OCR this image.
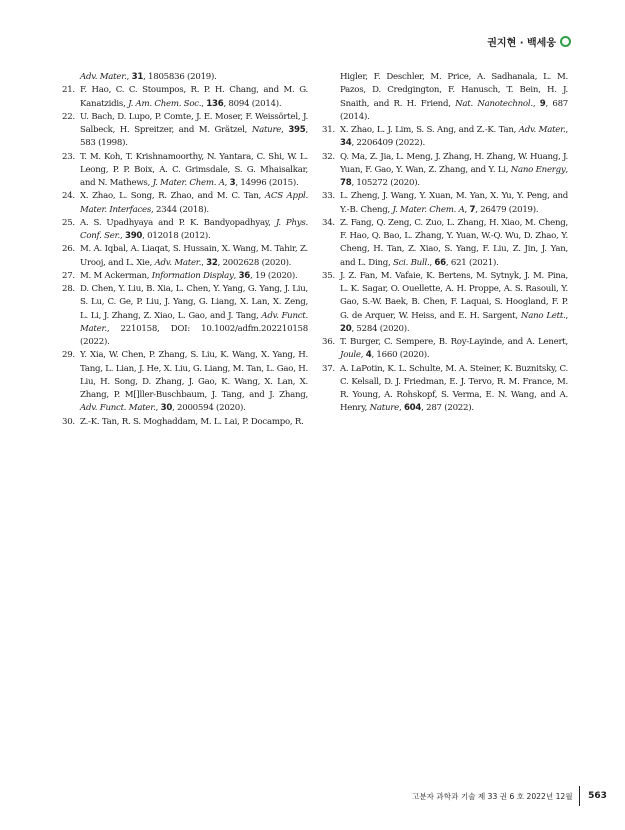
권지현 · 백세웅
Adv. Mater., 31, 1805836 (2019).
21. F. Hao, C. C. Stoumpos, R. P. H. Chang, and M. G. Kanatzidis, J. Am. Chem. Soc., 136, 8094 (2014).
22. U. Bach, D. Lupo, P. Comte, J. E. Moser, F. Weissörtel, J. Salbeck, H. Spreitzer, and M. Grätzel, Nature, 395, 583 (1998).
23. T. M. Koh, T. Krishnamoorthy, N. Yantara, C. Shi, W. L. Leong, P. P. Boix, A. C. Grimsdale, S. G. Mhaisalkar, and N. Mathews, J. Mater. Chem. A, 3, 14996 (2015).
24. X. Zhao, L. Song, R. Zhao, and M. C. Tan, ACS Appl. Mater. Interfaces, 2344 (2018).
25. A. S. Upadhyaya and P. K. Bandyopadhyay, J. Phys. Conf. Ser., 390, 012018 (2012).
26. M. A. Iqbal, A. Liaqat, S. Hussain, X. Wang, M. Tahir, Z. Urooj, and L. Xie, Adv. Mater., 32, 2002628 (2020).
27. M. M Ackerman, Information Display, 36, 19 (2020).
28. D. Chen, Y. Liu, B. Xia, L. Chen, Y. Yang, G. Yang, J. Liu, S. Lu, C. Ge, P. Liu, J. Yang, G. Liang, X. Lan, X. Zeng, L. Li, J. Zhang, Z. Xiao, L. Gao, and J. Tang, Adv. Funct. Mater., 2210158, DOI: 10.1002/adfm.202210158 (2022).
29. Y. Xia, W. Chen, P. Zhang, S. Liu, K. Wang, X. Yang, H. Tang, L. Lian, J. He, X. Liu, G. Liang, M. Tan, L. Gao, H. Liu, H. Song, D. Zhang, J. Gao, K. Wang, X. Lan, X. Zhang, P. M[]ller-Buschbaum, J. Tang, and J. Zhang, Adv. Funct. Mater., 30, 2000594 (2020).
30. Z.-K. Tan, R. S. Moghaddam, M. L. Lai, P. Docampo, R.
Higler, F. Deschler, M. Price, A. Sadhanala, L. M. Pazos, D. Credgington, F. Hanusch, T. Bein, H. J. Snaith, and R. H. Friend, Nat. Nanotechnol., 9, 687 (2014).
31. X. Zhao, L. J. Lim, S. S. Ang, and Z.-K. Tan, Adv. Mater., 34, 2206409 (2022).
32. Q. Ma, Z. Jia, L. Meng, J. Zhang, H. Zhang, W. Huang, J. Yuan, F. Gao, Y. Wan, Z. Zhang, and Y. Li, Nano Energy, 78, 105272 (2020).
33. L. Zheng, J. Wang, Y. Xuan, M. Yan, X. Yu, Y. Peng, and Y.-B. Cheng, J. Mater. Chem. A, 7, 26479 (2019).
34. Z. Fang, Q. Zeng, C. Zuo, L. Zhang, H. Xiao, M. Cheng, F. Hao, Q. Bao, L. Zhang, Y. Yuan, W.-Q. Wu, D. Zhao, Y. Cheng, H. Tan, Z. Xiao, S. Yang, F. Liu, Z. Jin, J. Yan, and L. Ding, Sci. Bull., 66, 621 (2021).
35. J. Z. Fan, M. Vafaie, K. Bertens, M. Sytnyk, J. M. Pina, L. K. Sagar, O. Ouellette, A. H. Proppe, A. S. Rasouli, Y. Gao, S.-W. Baek, B. Chen, F. Laquai, S. Hoogland, F. P. G. de Arquer, W. Heiss, and E. H. Sargent, Nano Lett., 20, 5284 (2020).
36. T. Burger, C. Sempere, B. Roy-Layinde, and A. Lenert, Joule, 4, 1660 (2020).
37. A. LaPotin, K. L. Schulte, M. A. Steiner, K. Buznitsky, C. C. Kelsall, D. J. Friedman, E. J. Tervo, R. M. France, M. R. Young, A. Rohskopf, S. Verma, E. N. Wang, and A. Henry, Nature, 604, 287 (2022).
고분자 과학과 기술 제 33 권 6 호 2022년 12월 563
